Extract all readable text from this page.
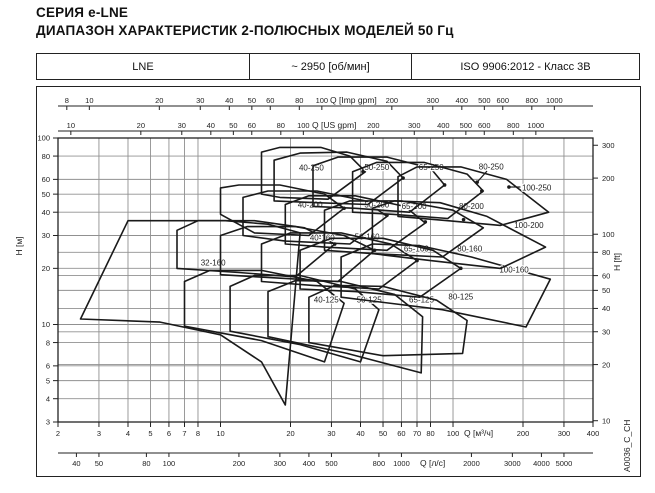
СЕРИЯ e-LNE
ДИАПАЗОН ХАРАКТЕРИСТИК 2-ПОЛЮСНЫХ МОДЕЛЕЙ 50 Гц
LNE	~ 2950 [об/мин]	ISO 9906:2012 - Класс 3В
8 10	20	30	40 50 60	80 100	200	300 400 500 600 800 1000
Q [Imp gpm]
10	20	30	40 50 60	80 100	200	300 400 500 600 800 1000
Q [US gpm]
2	3	4 5 6 7 8 10	20	30	40 50 60 70 80 100	200	300 400
Q [м³/ч]
40 50	80 100	200	300 400 500	800 1000	2000	3000 4000 5000
Q [л/с]
3
4
5
6
8
10
20
30
40
50
60
80
100
H [м]
10
20
30
40
50
60
80
100
200
300
H [ft]
32-160
40-125 50-125	65-125 80-125
40-160 50-160
65-160	80-160
100-160
40-200	50-200 65-200	80-200
100-200
40-250	50-250	65-250	80-250
100-250
A0036_C_CH
